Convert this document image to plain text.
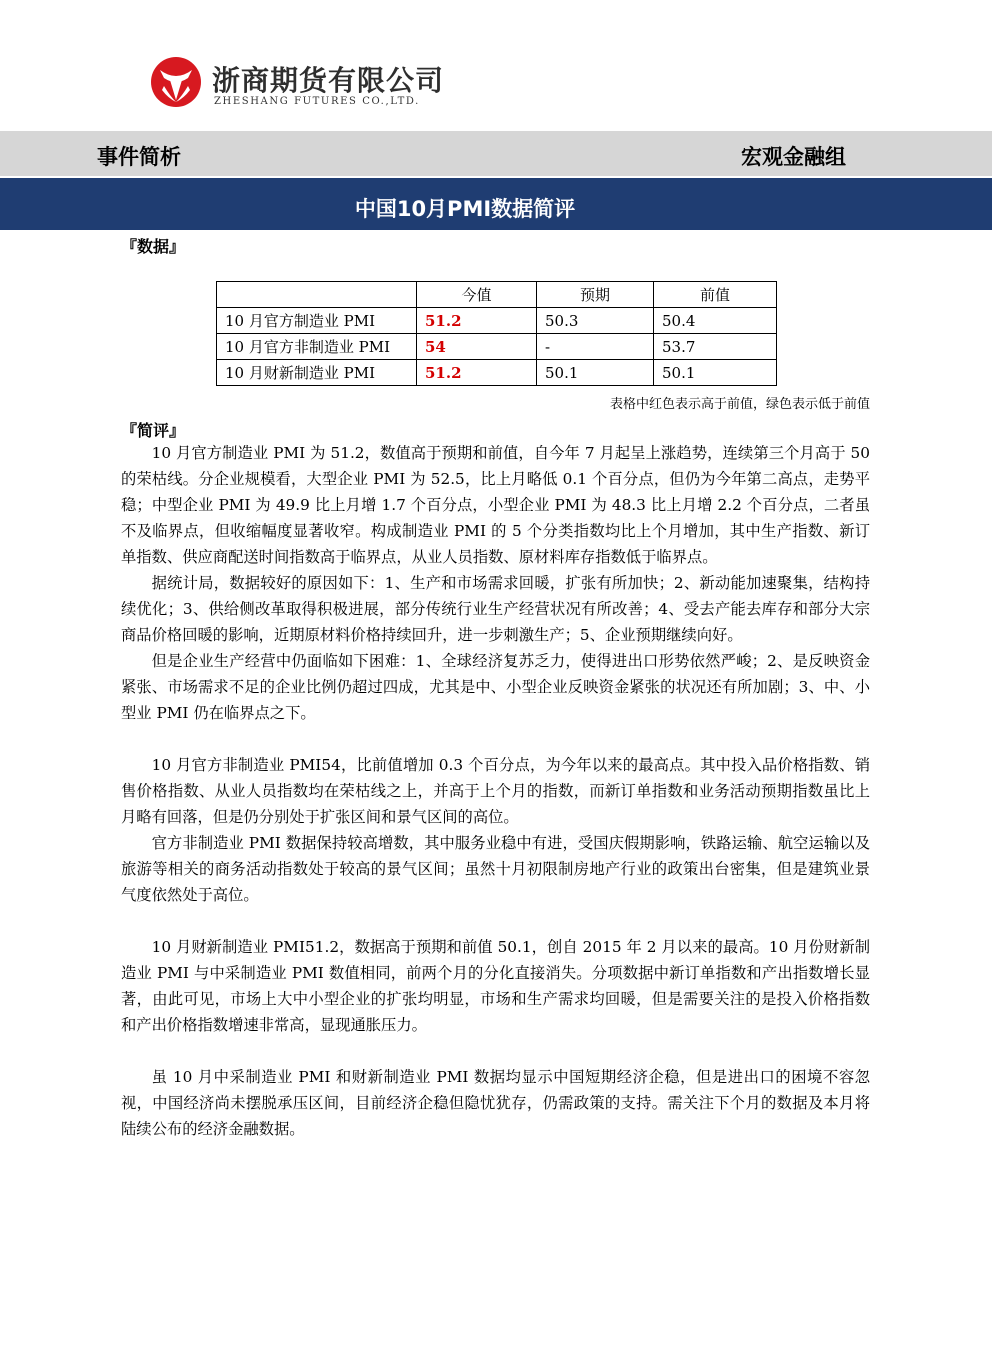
浙商期货有限公司
ZHESHANG FUTURES CO.,LTD.
事件简析	宏观金融组
中国10月PMI数据简评
『数据』
	今值	预期	前值
10 月官方制造业 PMI	51.2	50.3	50.4
10 月官方非制造业 PMI	54	-	53.7
10 月财新制造业 PMI	51.2	50.1	50.1
表格中红色表示高于前值，绿色表示低于前值
『简评』

10 月官方制造业 PMI 为 51.2，数值高于预期和前值，自今年 7 月起呈上涨趋势，连续第三个月高于 50 的荣枯线。分企业规模看，大型企业 PMI 为 52.5，比上月略低 0.1 个百分点，但仍为今年第二高点，走势平稳；中型企业 PMI 为 49.9 比上月增 1.7 个百分点，小型企业 PMI 为 48.3 比上月增 2.2 个百分点，二者虽不及临界点，但收缩幅度显著收窄。构成制造业 PMI 的 5 个分类指数均比上个月增加，其中生产指数、新订单指数、供应商配送时间指数高于临界点，从业人员指数、原材料库存指数低于临界点。

据统计局，数据较好的原因如下：1、生产和市场需求回暖，扩张有所加快；2、新动能加速聚集，结构持续优化；3、供给侧改革取得积极进展，部分传统行业生产经营状况有所改善；4、受去产能去库存和部分大宗商品价格回暖的影响，近期原材料价格持续回升，进一步刺激生产；5、企业预期继续向好。

但是企业生产经营中仍面临如下困难：1、全球经济复苏乏力，使得进出口形势依然严峻；2、是反映资金紧张、市场需求不足的企业比例仍超过四成，尤其是中、小型企业反映资金紧张的状况还有所加剧；3、中、小型业 PMI 仍在临界点之下。

10 月官方非制造业 PMI54，比前值增加 0.3 个百分点，为今年以来的最高点。其中投入品价格指数、销售价格指数、从业人员指数均在荣枯线之上，并高于上个月的指数，而新订单指数和业务活动预期指数虽比上月略有回落，但是仍分别处于扩张区间和景气区间的高位。

官方非制造业 PMI 数据保持较高增数，其中服务业稳中有进，受国庆假期影响，铁路运输、航空运输以及旅游等相关的商务活动指数处于较高的景气区间；虽然十月初限制房地产行业的政策出台密集，但是建筑业景气度依然处于高位。

10 月财新制造业 PMI51.2，数据高于预期和前值 50.1，创自 2015 年 2 月以来的最高。10 月份财新制造业 PMI 与中采制造业 PMI 数值相同，前两个月的分化直接消失。分项数据中新订单指数和产出指数增长显著，由此可见，市场上大中小型企业的扩张均明显，市场和生产需求均回暖，但是需要关注的是投入价格指数和产出价格指数增速非常高，显现通胀压力。

虽 10 月中采制造业 PMI 和财新制造业 PMI 数据均显示中国短期经济企稳，但是进出口的困境不容忽视，中国经济尚未摆脱承压区间，目前经济企稳但隐忧犹存，仍需政策的支持。需关注下个月的数据及本月将陆续公布的经济金融数据。
